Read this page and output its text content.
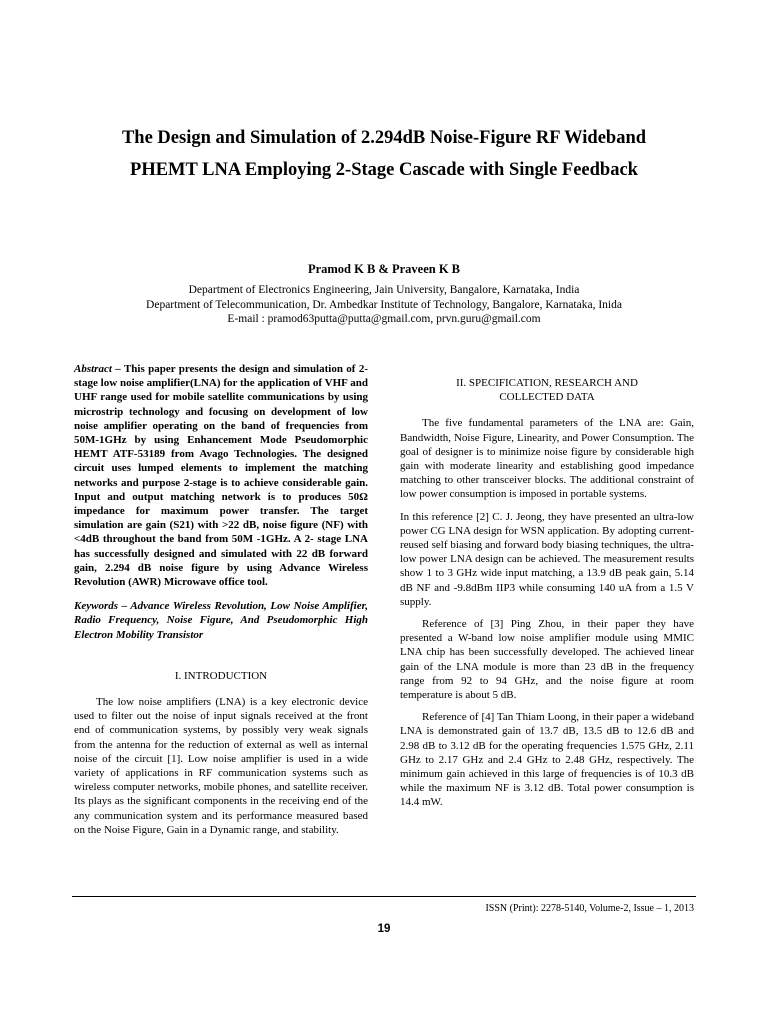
The Design and Simulation of 2.294dB Noise-Figure RF Wideband
PHEMT LNA Employing 2-Stage Cascade with Single Feedback

Pramod K B & Praveen K B

Department of Electronics Engineering, Jain University, Bangalore, Karnataka, India
Department of Telecommunication, Dr. Ambedkar Institute of Technology, Bangalore, Karnataka, Inida
E-mail : pramod63putta@putta@gmail.com, prvn.guru@gmail.com

Abstract – This paper presents the design and simulation of 2-stage low noise amplifier(LNA) for the application of VHF and UHF range used for mobile satellite communications by using microstrip technology and focusing on development of low noise amplifier operating on the band of frequencies from 50M-1GHz by using Enhancement Mode Pseudomorphic HEMT ATF-53189 from Avago Technologies. The designed circuit uses lumped elements to implement the matching networks and purpose 2-stage is to achieve considerable gain. Input and output matching network is to produces 50Ω impedance for maximum power transfer. The target simulation are gain (S21) with >22 dB, noise figure (NF) with <4dB throughout the band from 50M -1GHz. A 2- stage LNA has successfully designed and simulated with 22 dB forward gain, 2.294 dB noise figure by using Advance Wireless Revolution (AWR) Microwave office tool.

Keywords – Advance Wireless Revolution, Low Noise Amplifier, Radio Frequency, Noise Figure, And Pseudomorphic High Electron Mobility Transistor

I. INTRODUCTION

The low noise amplifiers (LNA) is a key electronic device used to filter out the noise of input signals received at the front end of communication systems, by possibly very weak signals from the antenna for the reduction of external as well as internal noise of the circuit [1]. Low noise amplifier is used in a wide variety of applications in RF communication systems such as wireless computer networks, mobile phones, and satellite receiver. Its plays as the significant components in the receiving end of the any communication system and its performance measured based on the Noise Figure, Gain in a Dynamic range, and stability.

II. SPECIFICATION, RESEARCH AND

COLLECTED DATA

The five fundamental parameters of the LNA are: Gain, Bandwidth, Noise Figure, Linearity, and Power Consumption. The goal of designer is to minimize noise figure by considerable high gain with moderate linearity and establishing good impedance matching to other transceiver blocks. The additional constraint of low power consumption is imposed in portable systems.

In this reference [2] C. J. Jeong, they have presented an ultra-low power CG LNA design for WSN application. By adopting current-reused self biasing and forward body biasing techniques, the ultra-low power LNA design can be achieved. The measurement results show 1 to 3 GHz wide input matching, a 13.9 dB peak gain, 5.14 dB NF and -9.8dBm IIP3 while consuming 140 uA from a 1.5 V supply.

Reference of [3] Ping Zhou, in their paper they have presented a W-band low noise amplifier module using MMIC LNA chip has been successfully developed. The achieved linear gain of the LNA module is more than 23 dB in the frequency range from 92 to 94 GHz, and the noise figure at room temperature is about 5 dB.

Reference of [4] Tan Thiam Loong, in their paper a wideband LNA is demonstrated gain of 13.7 dB, 13.5 dB to 12.6 dB and 2.98 dB to 3.12 dB for the operating frequencies 1.575 GHz, 2.11 GHz to 2.17 GHz and 2.4 GHz to 2.48 GHz, respectively. The minimum gain achieved in this large of frequencies is of 10.3 dB while the maximum NF is 3.12 dB. Total power consumption is 14.4 mW.

ISSN (Print): 2278-5140, Volume-2, Issue – 1, 2013
19
